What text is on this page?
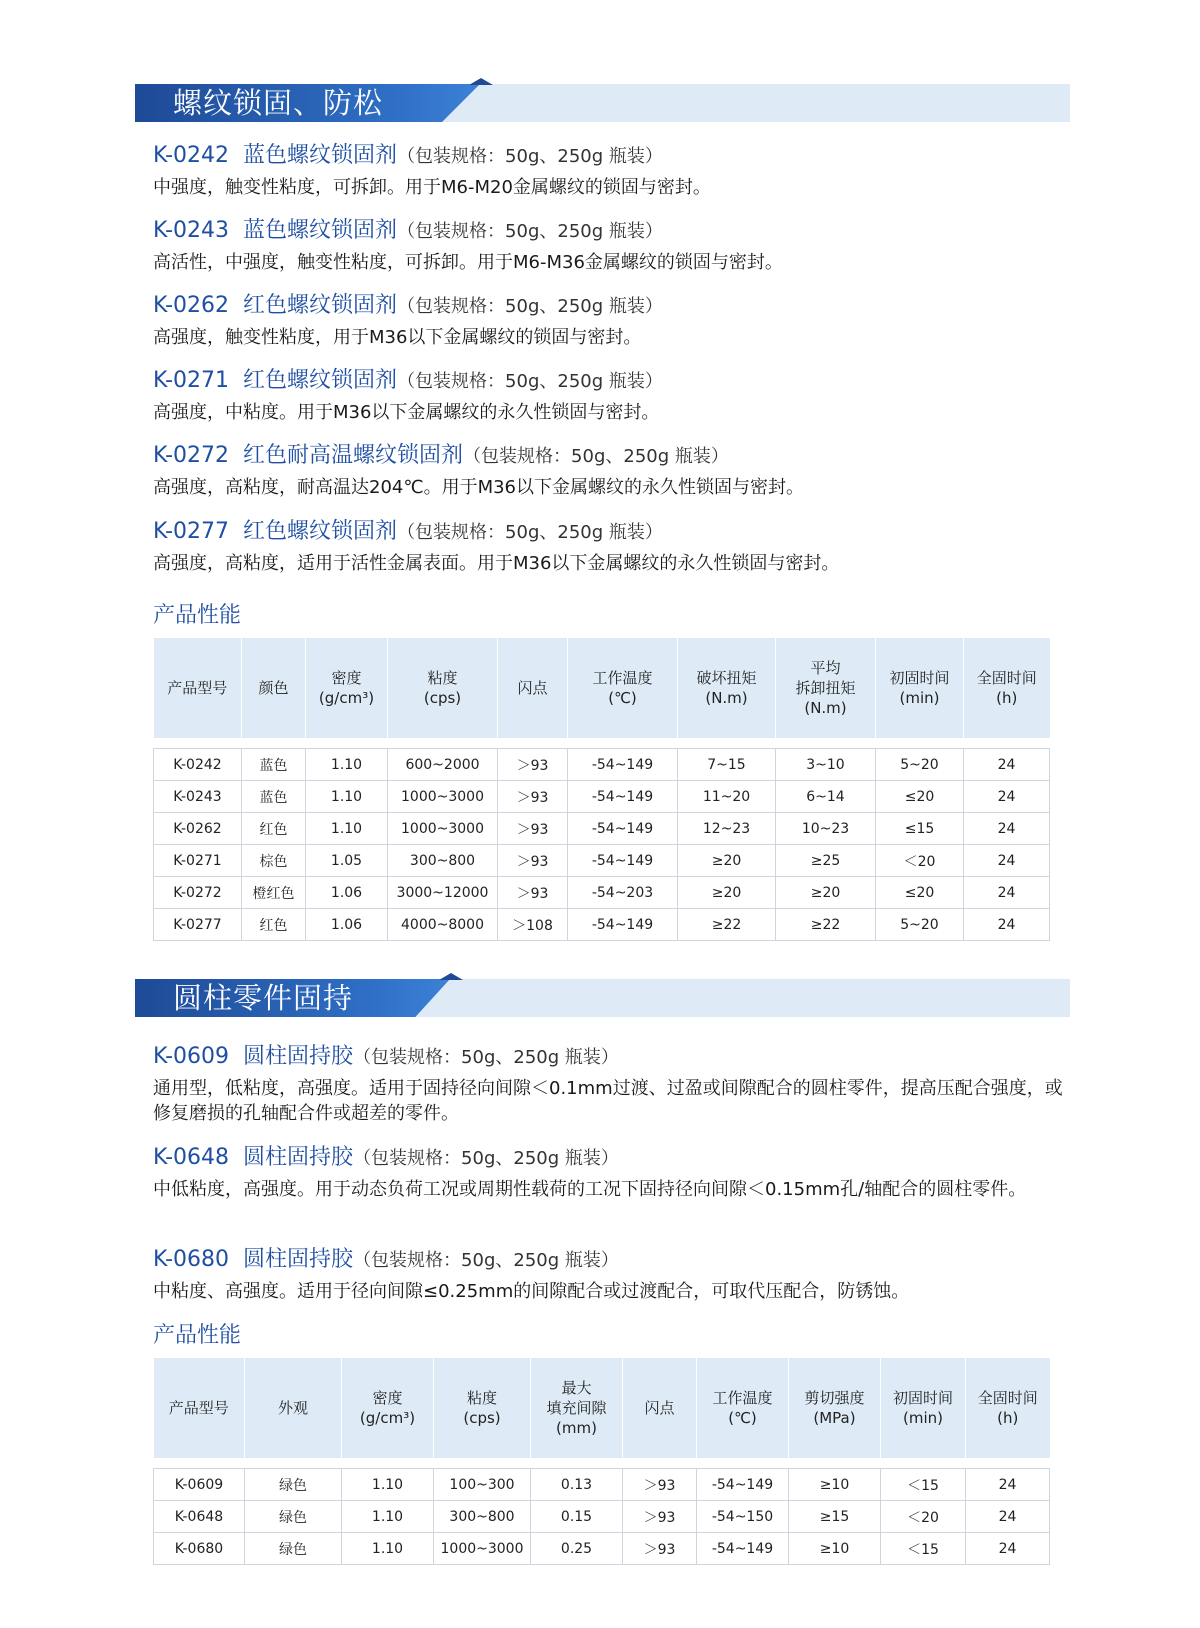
螺纹锁固、防松
K-0242 蓝色螺纹锁固剂（包装规格：50g、250g 瓶装）
中强度，触变性粘度，可拆卸。用于M6-M20金属螺纹的锁固与密封。
K-0243 蓝色螺纹锁固剂（包装规格：50g、250g 瓶装）
高活性，中强度，触变性粘度，可拆卸。用于M6-M36金属螺纹的锁固与密封。
K-0262 红色螺纹锁固剂（包装规格：50g、250g 瓶装）
高强度，触变性粘度，用于M36以下金属螺纹的锁固与密封。
K-0271 红色螺纹锁固剂（包装规格：50g、250g 瓶装）
高强度，中粘度。用于M36以下金属螺纹的永久性锁固与密封。
K-0272 红色耐高温螺纹锁固剂（包装规格：50g、250g 瓶装）
高强度，高粘度，耐高温达204℃。用于M36以下金属螺纹的永久性锁固与密封。
K-0277 红色螺纹锁固剂（包装规格：50g、250g 瓶装）
高强度，高粘度，适用于活性金属表面。用于M36以下金属螺纹的永久性锁固与密封。
产品性能
产品型号	颜色	密度
(g/cm³)	粘度
(cps)	闪点	工作温度
(℃)	破坏扭矩
(N.m)	平均
拆卸扭矩
(N.m)	初固时间
(min)	全固时间
(h)

K-0242	蓝色	1.10	600~2000	＞93	-54~149	7~15	3~10	5~20	24
K-0243	蓝色	1.10	1000~3000	＞93	-54~149	11~20	6~14	≤20	24
K-0262	红色	1.10	1000~3000	＞93	-54~149	12~23	10~23	≤15	24
K-0271	棕色	1.05	300~800	＞93	-54~149	≥20	≥25	＜20	24
K-0272	橙红色	1.06	3000~12000	＞93	-54~203	≥20	≥20	≤20	24
K-0277	红色	1.06	4000~8000	＞108	-54~149	≥22	≥22	5~20	24
圆柱零件固持
K-0609 圆柱固持胶（包装规格：50g、250g 瓶装）
通用型，低粘度，高强度。适用于固持径向间隙＜0.1mm过渡、过盈或间隙配合的圆柱零件，提高压配合强度，或修复磨损的孔轴配合件或超差的零件。
K-0648 圆柱固持胶（包装规格：50g、250g 瓶装）
中低粘度，高强度。用于动态负荷工况或周期性载荷的工况下固持径向间隙＜0.15mm孔/轴配合的圆柱零件。
K-0680 圆柱固持胶（包装规格：50g、250g 瓶装）
中粘度、高强度。适用于径向间隙≤0.25mm的间隙配合或过渡配合，可取代压配合，防锈蚀。
产品性能
产品型号	外观	密度
(g/cm³)	粘度
(cps)	最大
填充间隙
(mm)	闪点	工作温度
(℃)	剪切强度
(MPa)	初固时间
(min)	全固时间
(h)

K-0609	绿色	1.10	100~300	0.13	＞93	-54~149	≥10	＜15	24
K-0648	绿色	1.10	300~800	0.15	＞93	-54~150	≥15	＜20	24
K-0680	绿色	1.10	1000~3000	0.25	＞93	-54~149	≥10	＜15	24
